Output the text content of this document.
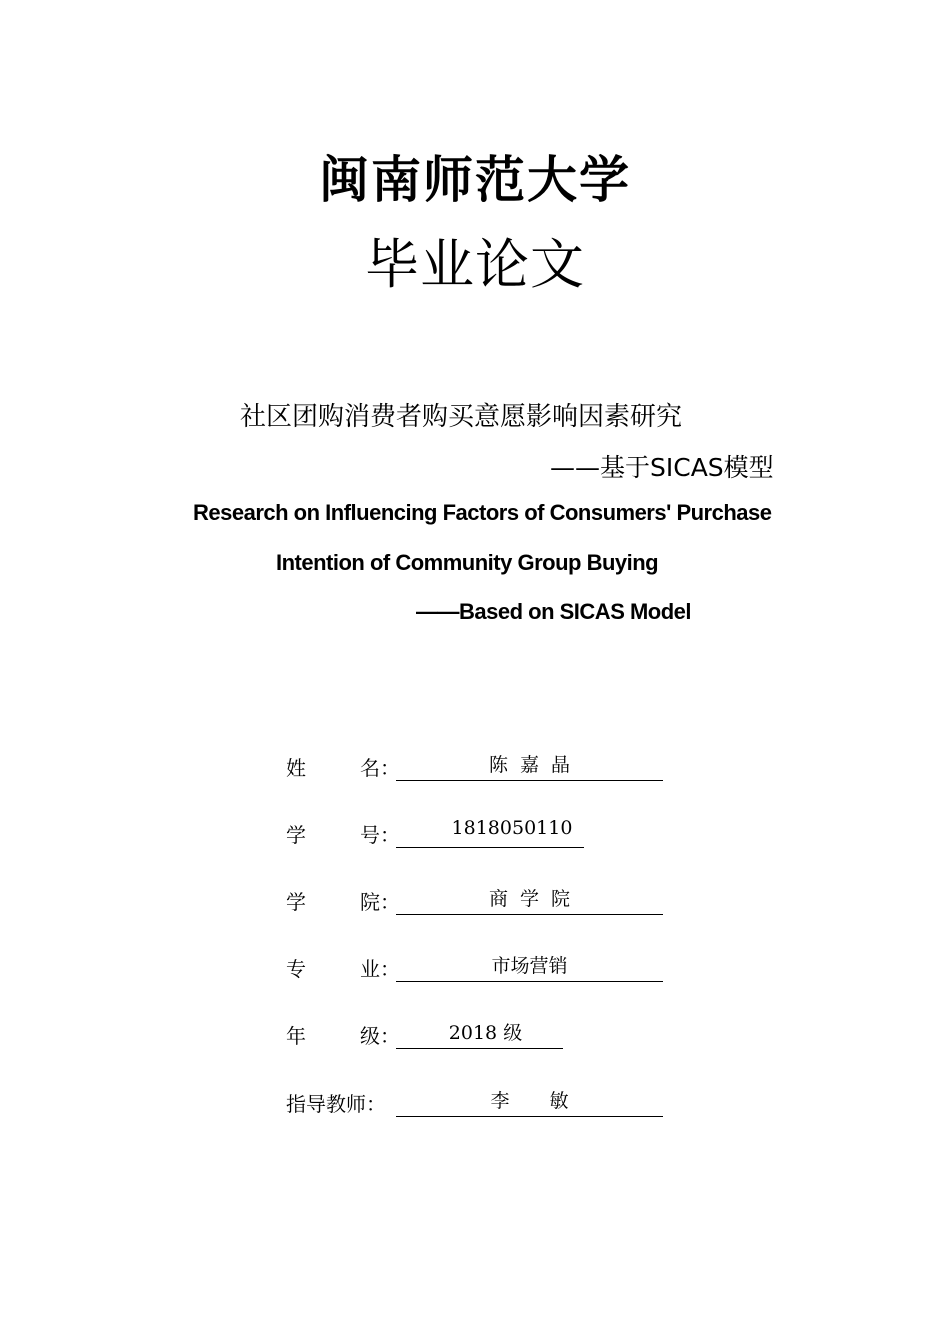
闽南师范大学
毕业论文
社区团购消费者购买意愿影响因素研究
——基于SICAS模型
Research on Influencing Factors of Consumers' Purchase
Intention of Community Group Buying
——Based on SICAS Model
姓 名：	陈 嘉 晶
学 号：	1818050110
学 院：	商 学 院
专 业：	市场营销
年 级：	2018 级
指导教师：	李 敏
